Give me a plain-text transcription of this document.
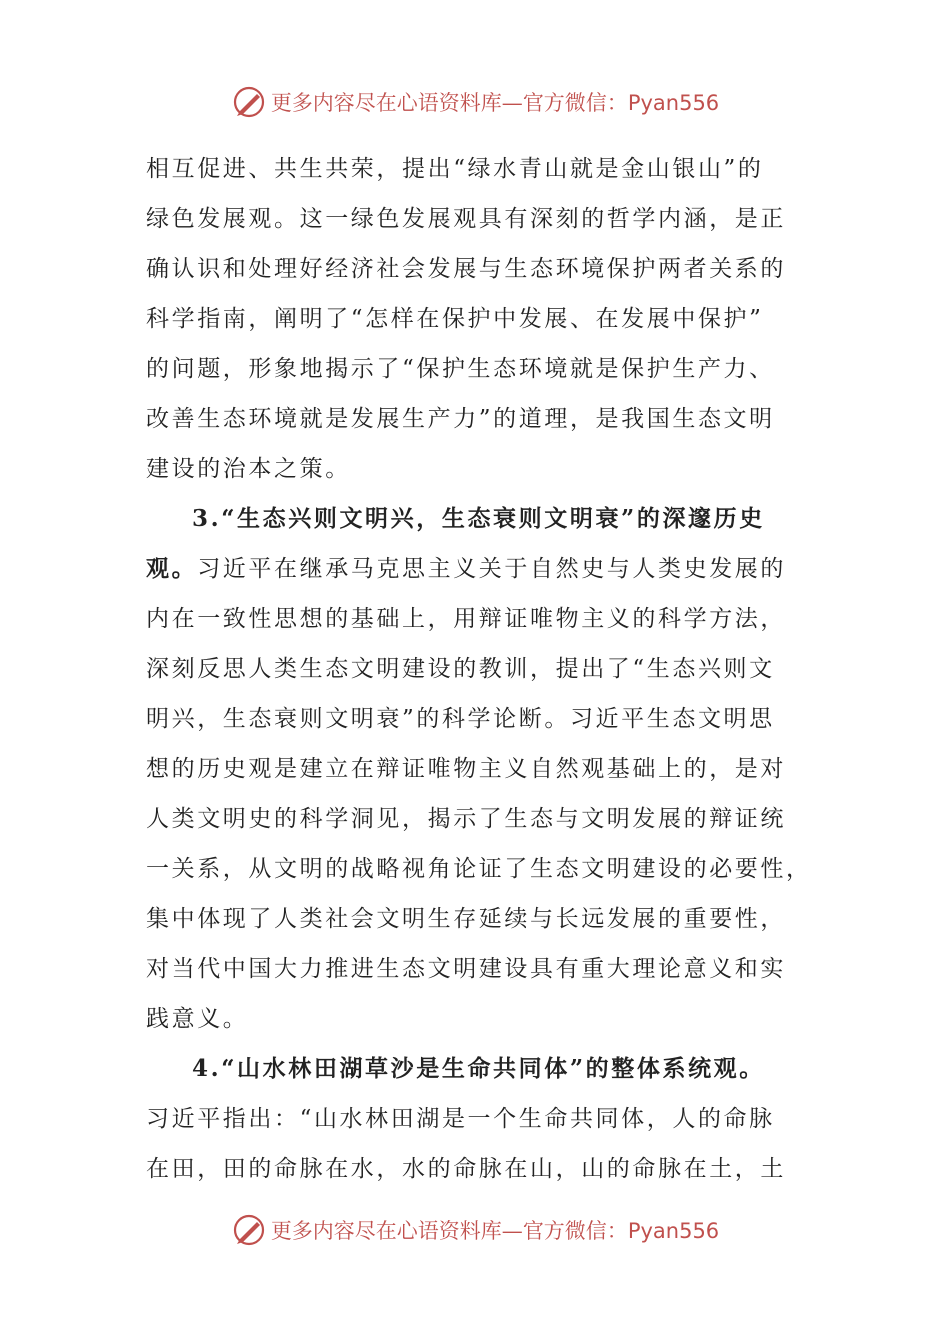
更多内容尽在心语资料库—官方微信：Pyan556
相互促进、共生共荣，提出“绿水青山就是金山银山”的
绿色发展观。这一绿色发展观具有深刻的哲学内涵，是正
确认识和处理好经济社会发展与生态环境保护两者关系的
科学指南，阐明了“怎样在保护中发展、在发展中保护”
的问题，形象地揭示了“保护生态环境就是保护生产力、
改善生态环境就是发展生产力”的道理，是我国生态文明
建设的治本之策。
3.“生态兴则文明兴，生态衰则文明衰”的深邃历史
观。习近平在继承马克思主义关于自然史与人类史发展的
内在一致性思想的基础上，用辩证唯物主义的科学方法，
深刻反思人类生态文明建设的教训，提出了“生态兴则文
明兴，生态衰则文明衰”的科学论断。习近平生态文明思
想的历史观是建立在辩证唯物主义自然观基础上的，是对
人类文明史的科学洞见，揭示了生态与文明发展的辩证统
一关系，从文明的战略视角论证了生态文明建设的必要性，
集中体现了人类社会文明生存延续与长远发展的重要性，
对当代中国大力推进生态文明建设具有重大理论意义和实
践意义。
4.“山水林田湖草沙是生命共同体”的整体系统观。
习近平指出：“山水林田湖是一个生命共同体，人的命脉
在田，田的命脉在水，水的命脉在山，山的命脉在土，土
更多内容尽在心语资料库—官方微信：Pyan556
